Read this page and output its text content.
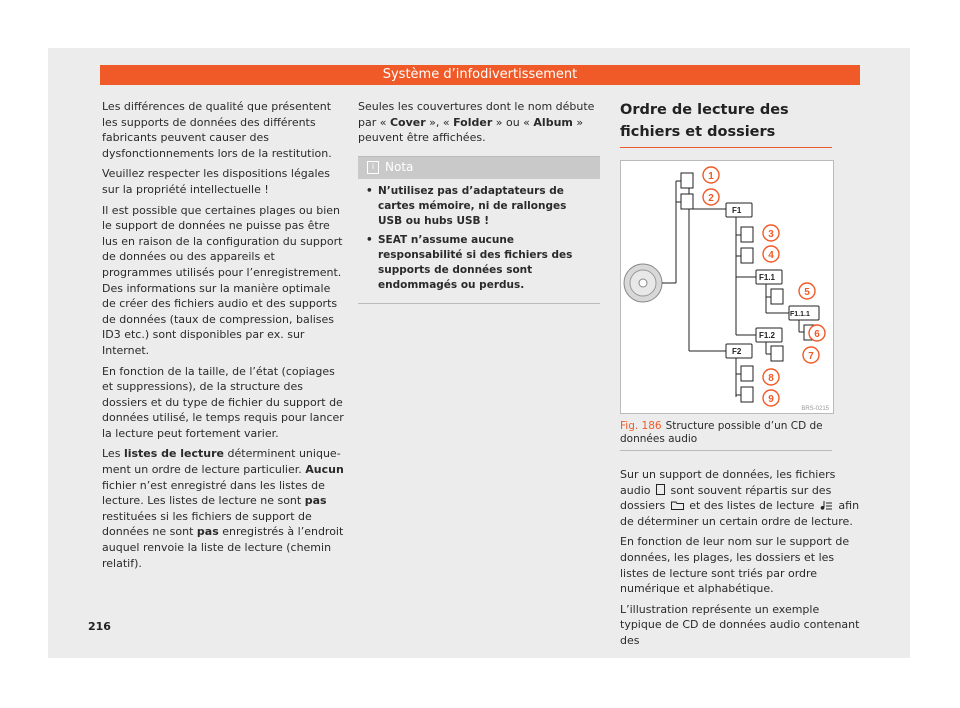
Système d’infodivertissement

Les différences de qualité que présentent les supports de données des différents fabricants peuvent causer des dysfonctionnements lors de la restitution.

Veuillez respecter les dispositions légales sur la propriété intellectuelle !

Il est possible que certaines plages ou bien le support de données ne puisse pas être lus en raison de la configuration du support de données ou des appareils et programmes utilisés pour l’enregistrement. Des informations sur la manière optimale de créer des fichiers audio et des supports de données (taux de compression, balises ID3 etc.) sont disponibles par ex. sur Internet.

En fonction de la taille, de l’état (copiages et suppressions), de la structure des dossiers et du type de fichier du support de données utilisé, le temps requis pour lancer la lecture peut fortement varier.

Les listes de lecture déterminent uniquement un ordre de lecture particulier. Aucun fichier n’est enregistré dans les listes de lecture. Les listes de lecture ne sont pas restituées si les fichiers de support de données ne sont pas enregistrés à l’endroit auquel renvoie la liste de lecture (chemin relatif).

Seules les couvertures dont le nom débute par « Cover », « Folder » ou « Album » peuvent être affichées.

i Nota

• N’utilisez pas d’adaptateurs de cartes mémoire, ni de rallonges USB ou hubs USB !

• SEAT n’assume aucune responsabilité si des fichiers des supports de données sont endommagés ou perdus.

Ordre de lecture des fichiers et dossiers
F1
F1.1
F1.1.1
F1.2
F2
1
2
3
4
5
6
7
8
9
BRS-0215
Fig. 186 Structure possible d’un CD de données audio

Sur un support de données, les fichiers audio  sont souvent répartis sur des dossiers  et des listes de lecture  afin de déterminer un certain ordre de lecture.

En fonction de leur nom sur le support de données, les plages, les dossiers et les listes de lecture sont triés par ordre numérique et alphabétique.

L’illustration représente un exemple typique de CD de données audio contenant des

216
